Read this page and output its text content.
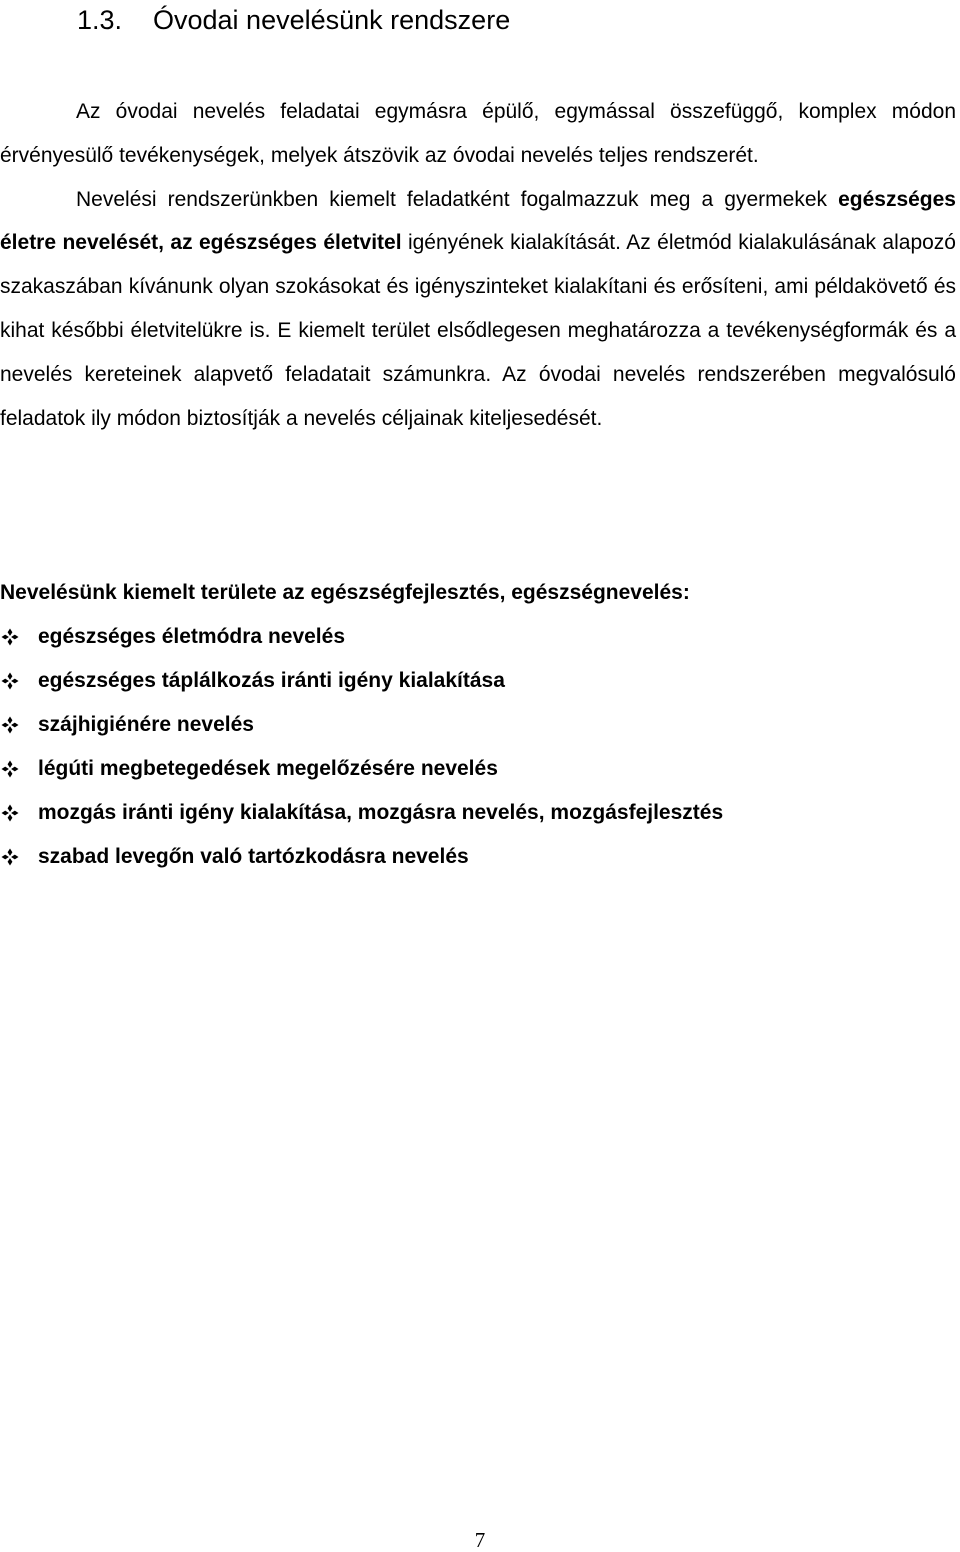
1.3. Óvodai nevelésünk rendszere

Az óvodai nevelés feladatai egymásra épülő, egymással összefüggő, komplex módon érvényesülő tevékenységek, melyek átszövik az óvodai nevelés teljes rendszerét.

Nevelési rendszerünkben kiemelt feladatként fogalmazzuk meg a gyermekek egészséges életre nevelését, az egészséges életvitel igényének kialakítását. Az életmód kialakulásának alapozó szakaszában kívánunk olyan szokásokat és igényszinteket kialakítani és erősíteni, ami példakövető és kihat későbbi életvitelükre is. E kiemelt terület elsődlegesen meghatározza a tevékenységformák és a nevelés kereteinek alapvető feladatait számunkra. Az óvodai nevelés rendszerében megvalósuló feladatok ily módon biztosítják a nevelés céljainak kiteljesedését.

Nevelésünk kiemelt területe az egészségfejlesztés, egészségnevelés:
egészséges életmódra nevelés
egészséges táplálkozás iránti igény kialakítása
szájhigiénére nevelés
légúti megbetegedések megelőzésére nevelés
mozgás iránti igény kialakítása, mozgásra nevelés, mozgásfejlesztés
szabad levegőn való tartózkodásra nevelés
7
